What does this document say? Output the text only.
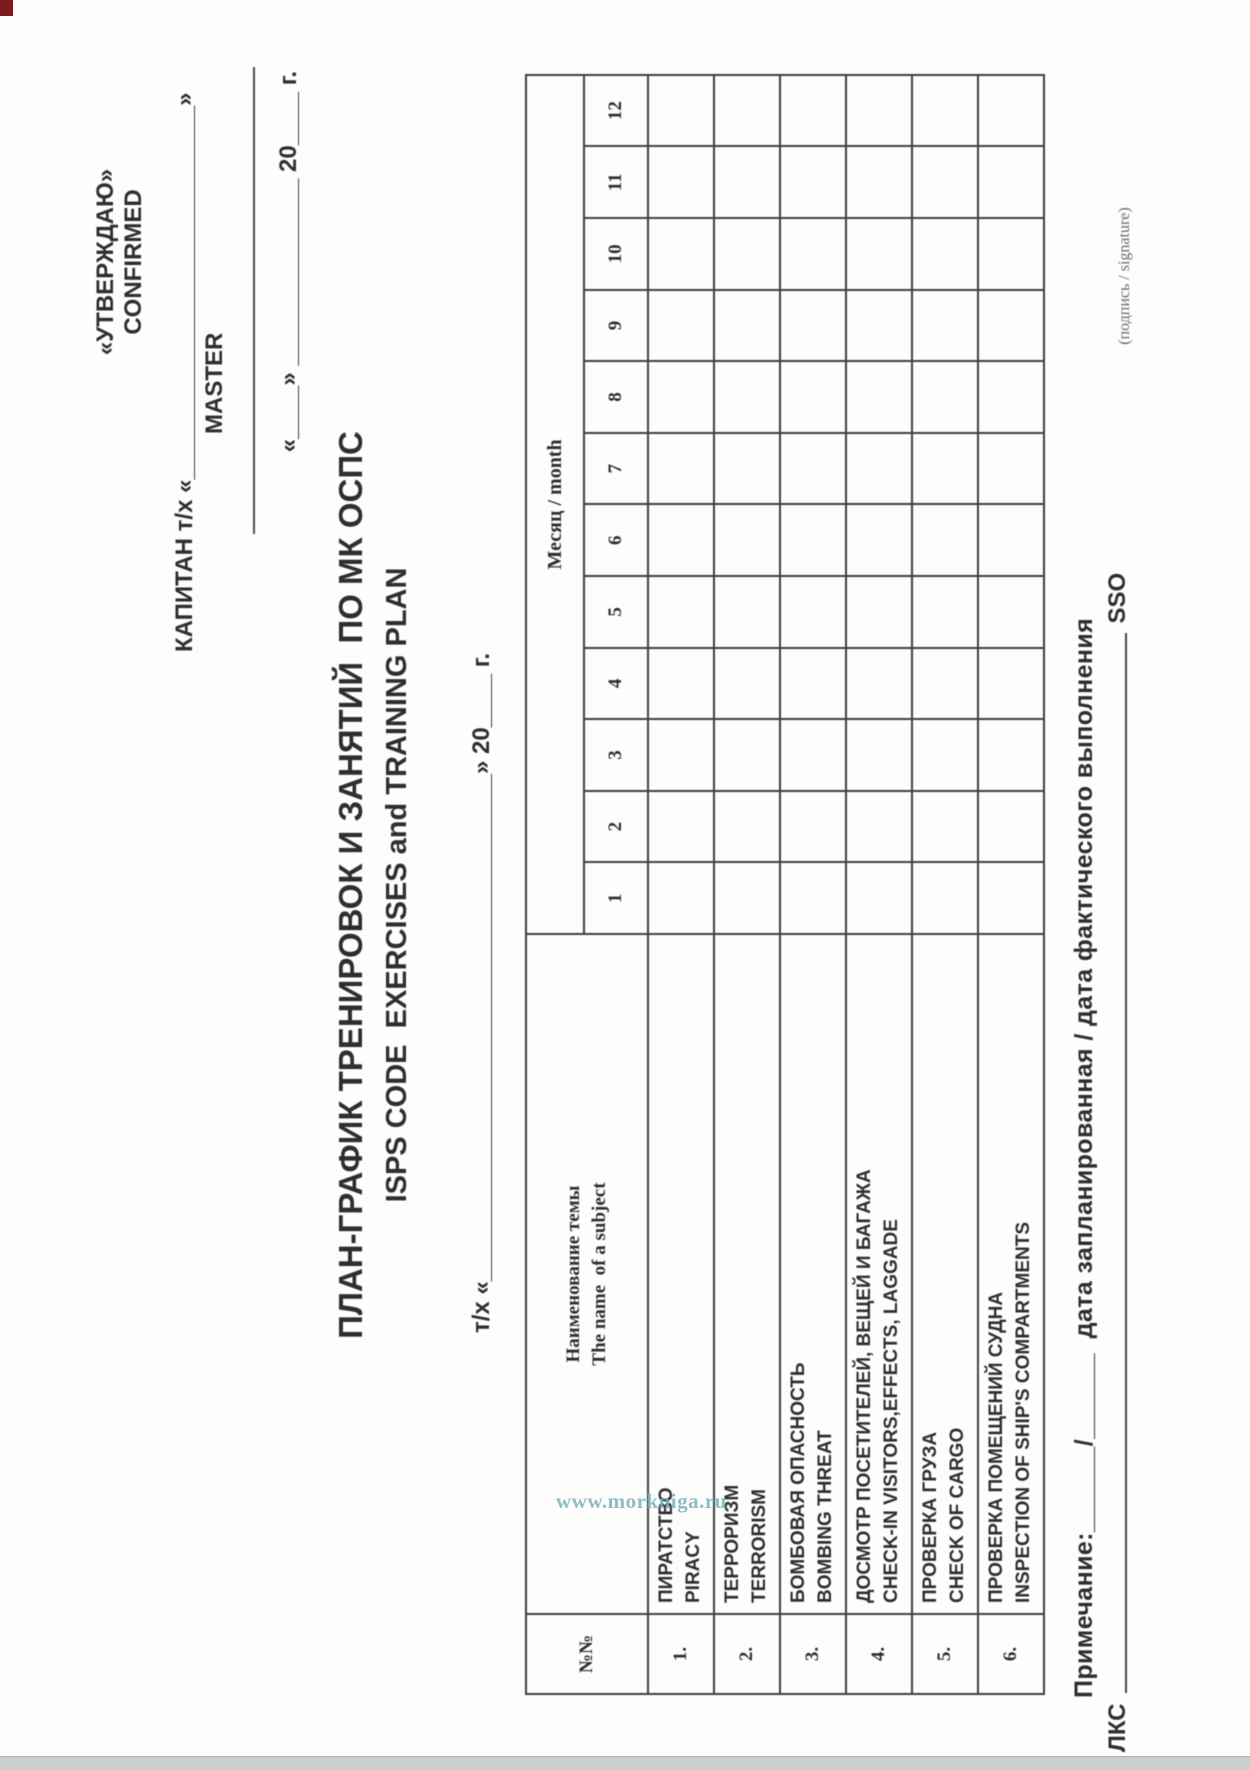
«УТВЕРЖДАЮ» CONFIRMED КАПИТАН т/х «____________________________» MASTER «____» ______________ 20____ г.
ПЛАН-ГРАФИК ТРЕНИРОВОК И ЗАНЯТИЙ  ПО МК ОСПС ISPS CODE  EXERCISES and TRAINING PLAN т/х «______________________________________» 20____ г.
№№	Наименование темы The name  of a subject	Месяц / month											
		1	2	3	4	5	6	7	8	9	10	11	12
1.	ПИРАТСТВО PIRACY												

2.	ТЕРРОРИЗМ TERRORISM												

3.	БОМБОВАЯ ОПАСНОСТЬ BOMBING THREAT												

4.	ДОСМОТР ПОСЕТИТЕЛЕЙ, ВЕЩЕЙ И БАГАЖА CHECK-IN VISITORS,EFFECTS, LAGGADE												

5.	ПРОВЕРКА ГРУЗА CHECK OF CARGO												

6.	ПРОВЕРКА ПОМЕЩЕНИЙ СУДНА INSPECTION OF SHIP'S COMPARTMENTS												
												Примечание:______/______  дата запланированная / дата фактического выполнения
ЛКС
SSO
(подпись / signature)
www.morkniga.ru
